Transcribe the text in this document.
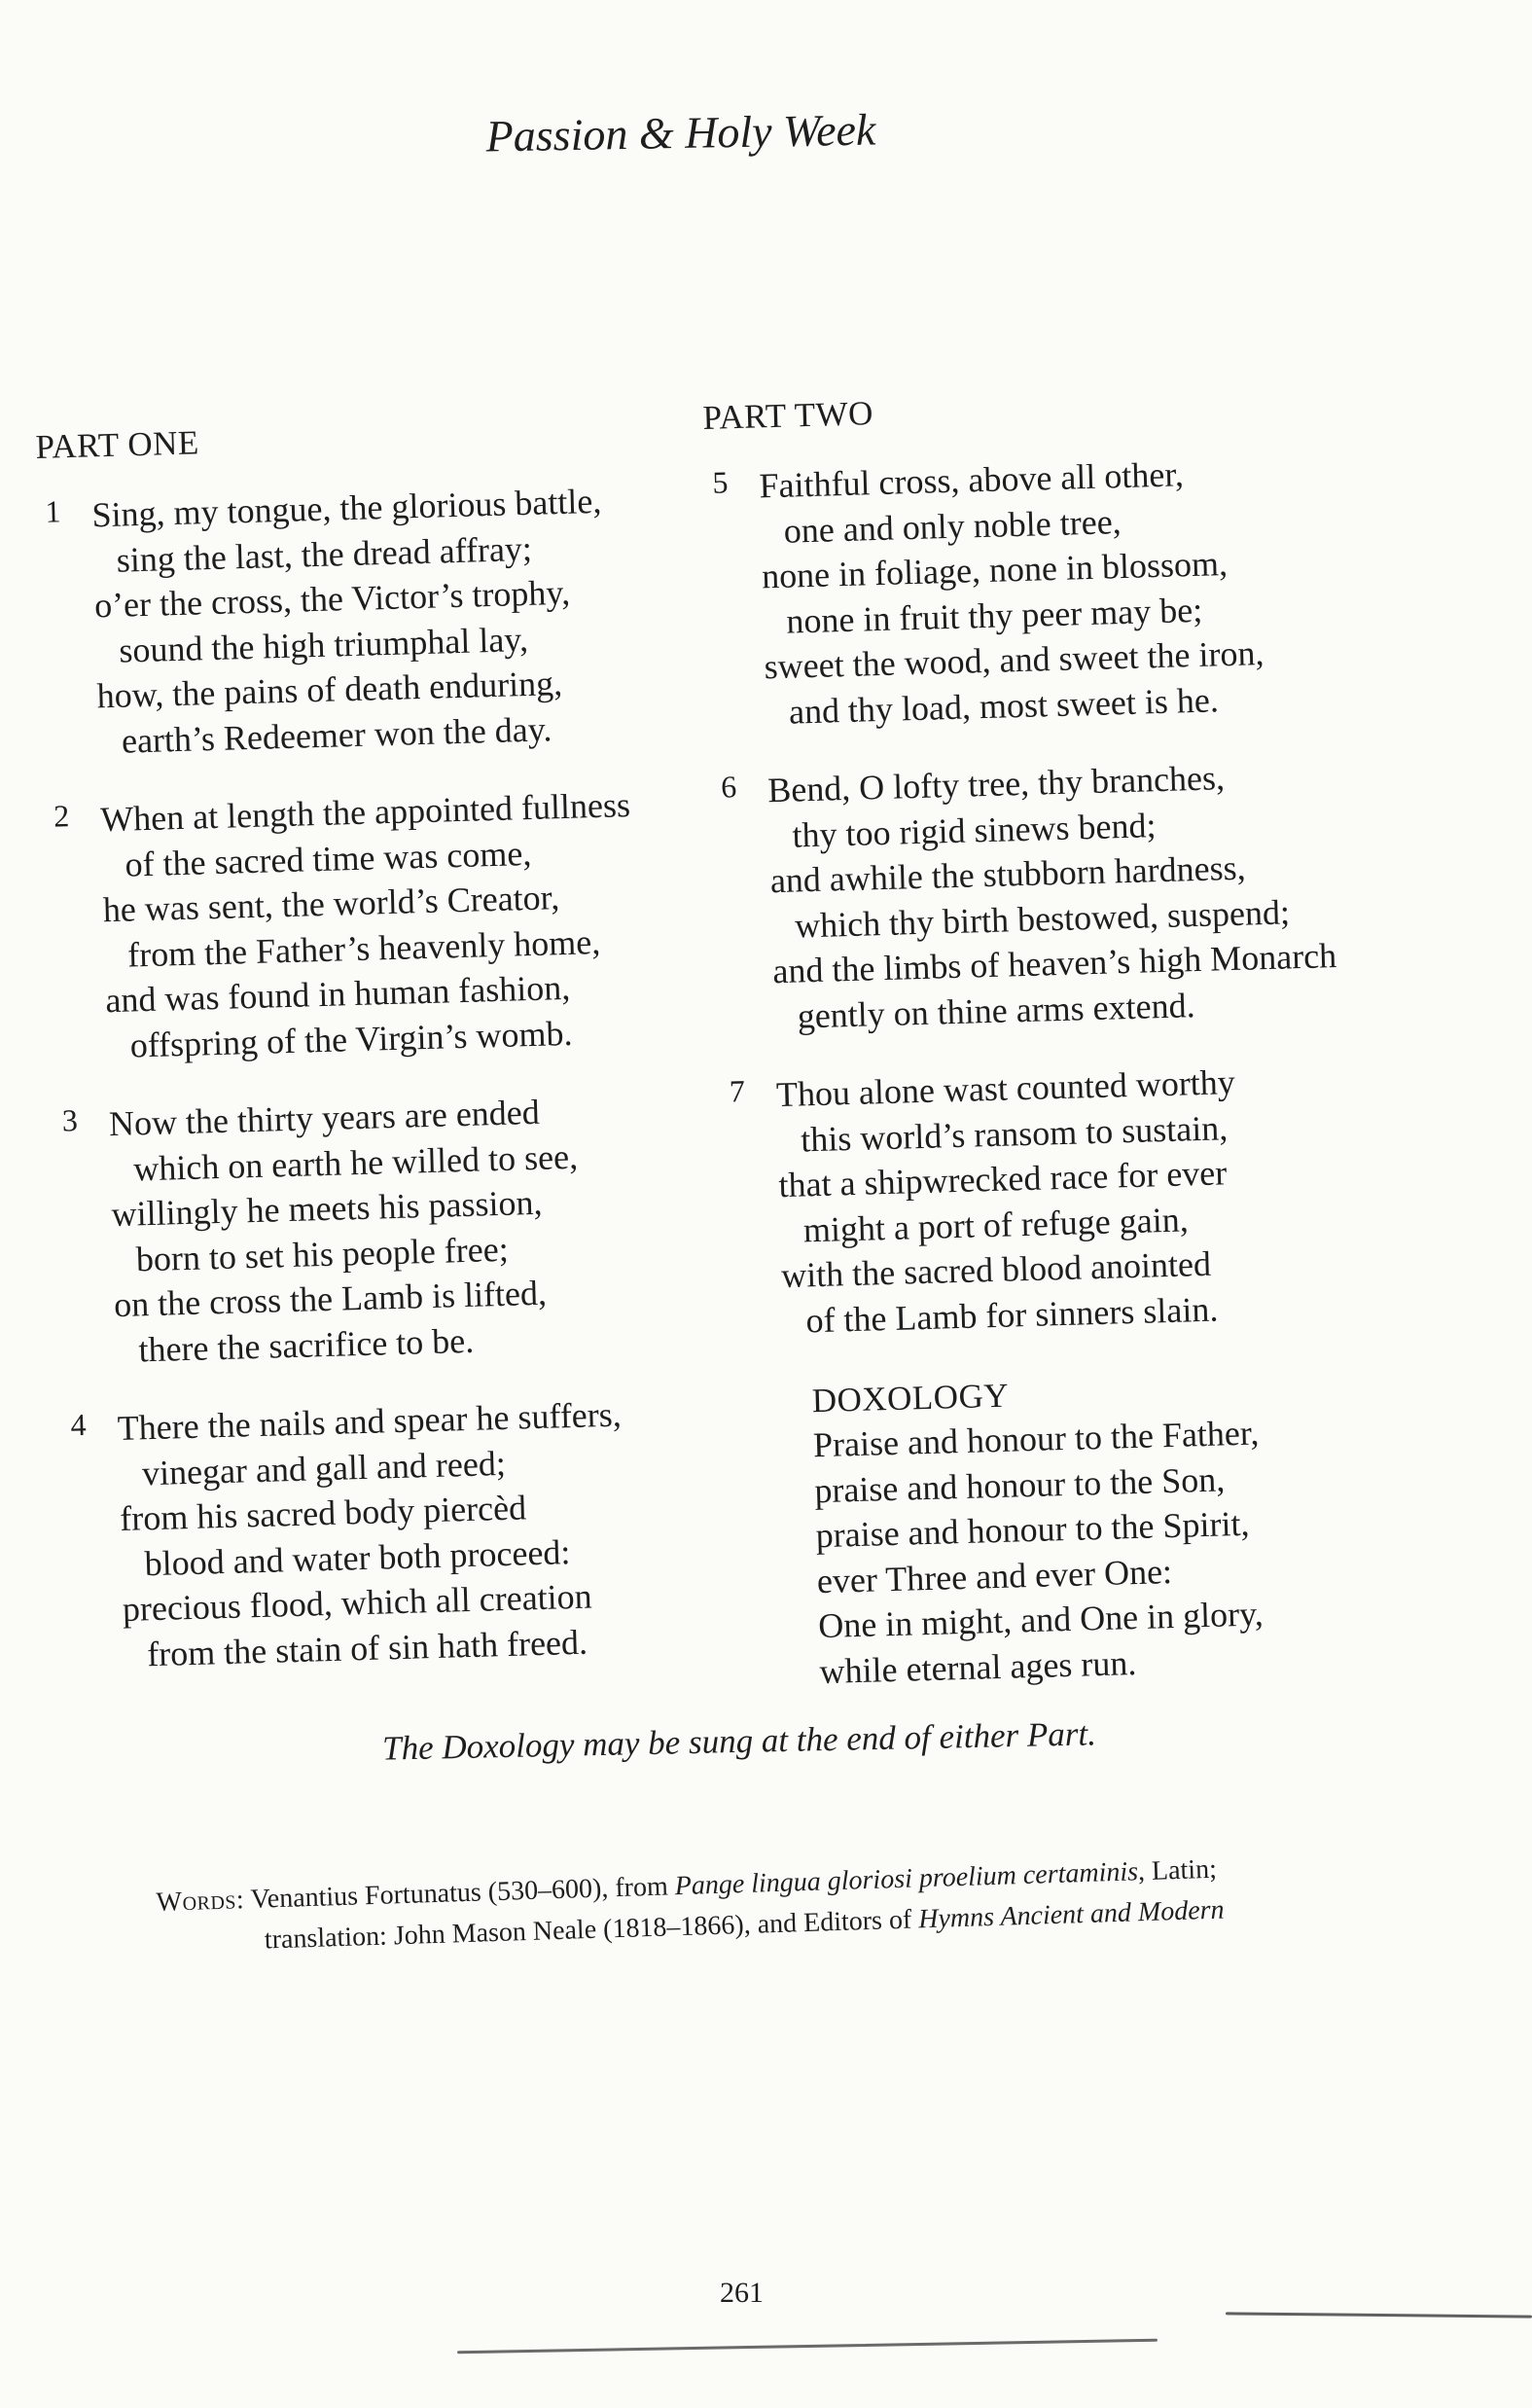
Passion & Holy Week
PART ONE
1 Sing, my tongue, the glorious battle,
sing the last, the dread affray;
o’er the cross, the Victor’s trophy,
sound the high triumphal lay,
how, the pains of death enduring,
earth’s Redeemer won the day.
2 When at length the appointed fullness
of the sacred time was come,
he was sent, the world’s Creator,
from the Father’s heavenly home,
and was found in human fashion,
offspring of the Virgin’s womb.
3 Now the thirty years are ended
which on earth he willed to see,
willingly he meets his passion,
born to set his people free;
on the cross the Lamb is lifted,
there the sacrifice to be.
4 There the nails and spear he suffers,
vinegar and gall and reed;
from his sacred body piercèd
blood and water both proceed:
precious flood, which all creation
from the stain of sin hath freed.
PART TWO
5 Faithful cross, above all other,
one and only noble tree,
none in foliage, none in blossom,
none in fruit thy peer may be;
sweet the wood, and sweet the iron,
and thy load, most sweet is he.
6 Bend, O lofty tree, thy branches,
thy too rigid sinews bend;
and awhile the stubborn hardness,
which thy birth bestowed, suspend;
and the limbs of heaven’s high Monarch
gently on thine arms extend.
7 Thou alone wast counted worthy
this world’s ransom to sustain,
that a shipwrecked race for ever
might a port of refuge gain,
with the sacred blood anointed
of the Lamb for sinners slain.
DOXOLOGY
Praise and honour to the Father,
praise and honour to the Son,
praise and honour to the Spirit,
ever Three and ever One:
One in might, and One in glory,
while eternal ages run.
The Doxology may be sung at the end of either Part.
Words: Venantius Fortunatus (530–600), from Pange lingua gloriosi proelium certaminis, Latin;
translation: John Mason Neale (1818–1866), and Editors of Hymns Ancient and Modern
261
